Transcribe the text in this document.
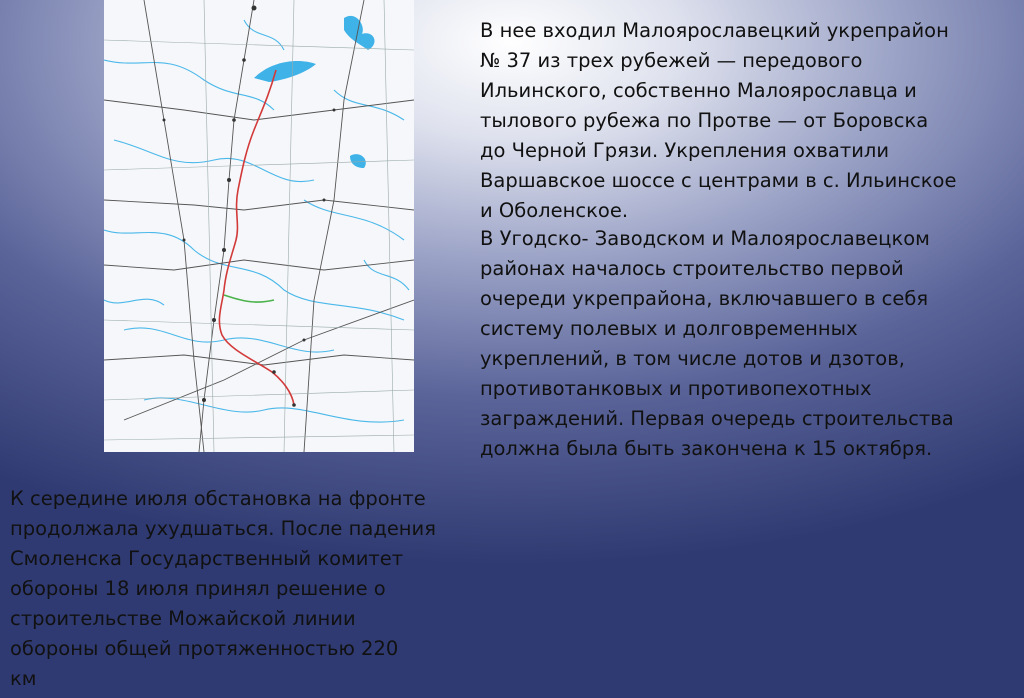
В нее входил Малоярославецкий укрепрайон
№ 37 из трех рубежей — передового
Ильинского, собственно Малоярославца и
тылового рубежа по Протве — от Боровска
до Черной Грязи. Укрепления охватили
Варшавское шоссе с центрами в с. Ильинское
и Оболенское.

В Угодско- Заводском и Малоярославецком
районах началось строительство первой
очереди укрепрайона, включавшего в себя
систему полевых и долговременных
укреплений, в том числе дотов и дзотов,
противотанковых и противопехотных
заграждений. Первая очередь строительства
должна была быть закончена к 15 октября.

К середине июля обстановка на фронте
продолжала ухудшаться. После падения
Смоленска Государственный комитет
обороны 18 июля принял решение о
строительстве Можайской линии
обороны общей протяженностью 220
км
